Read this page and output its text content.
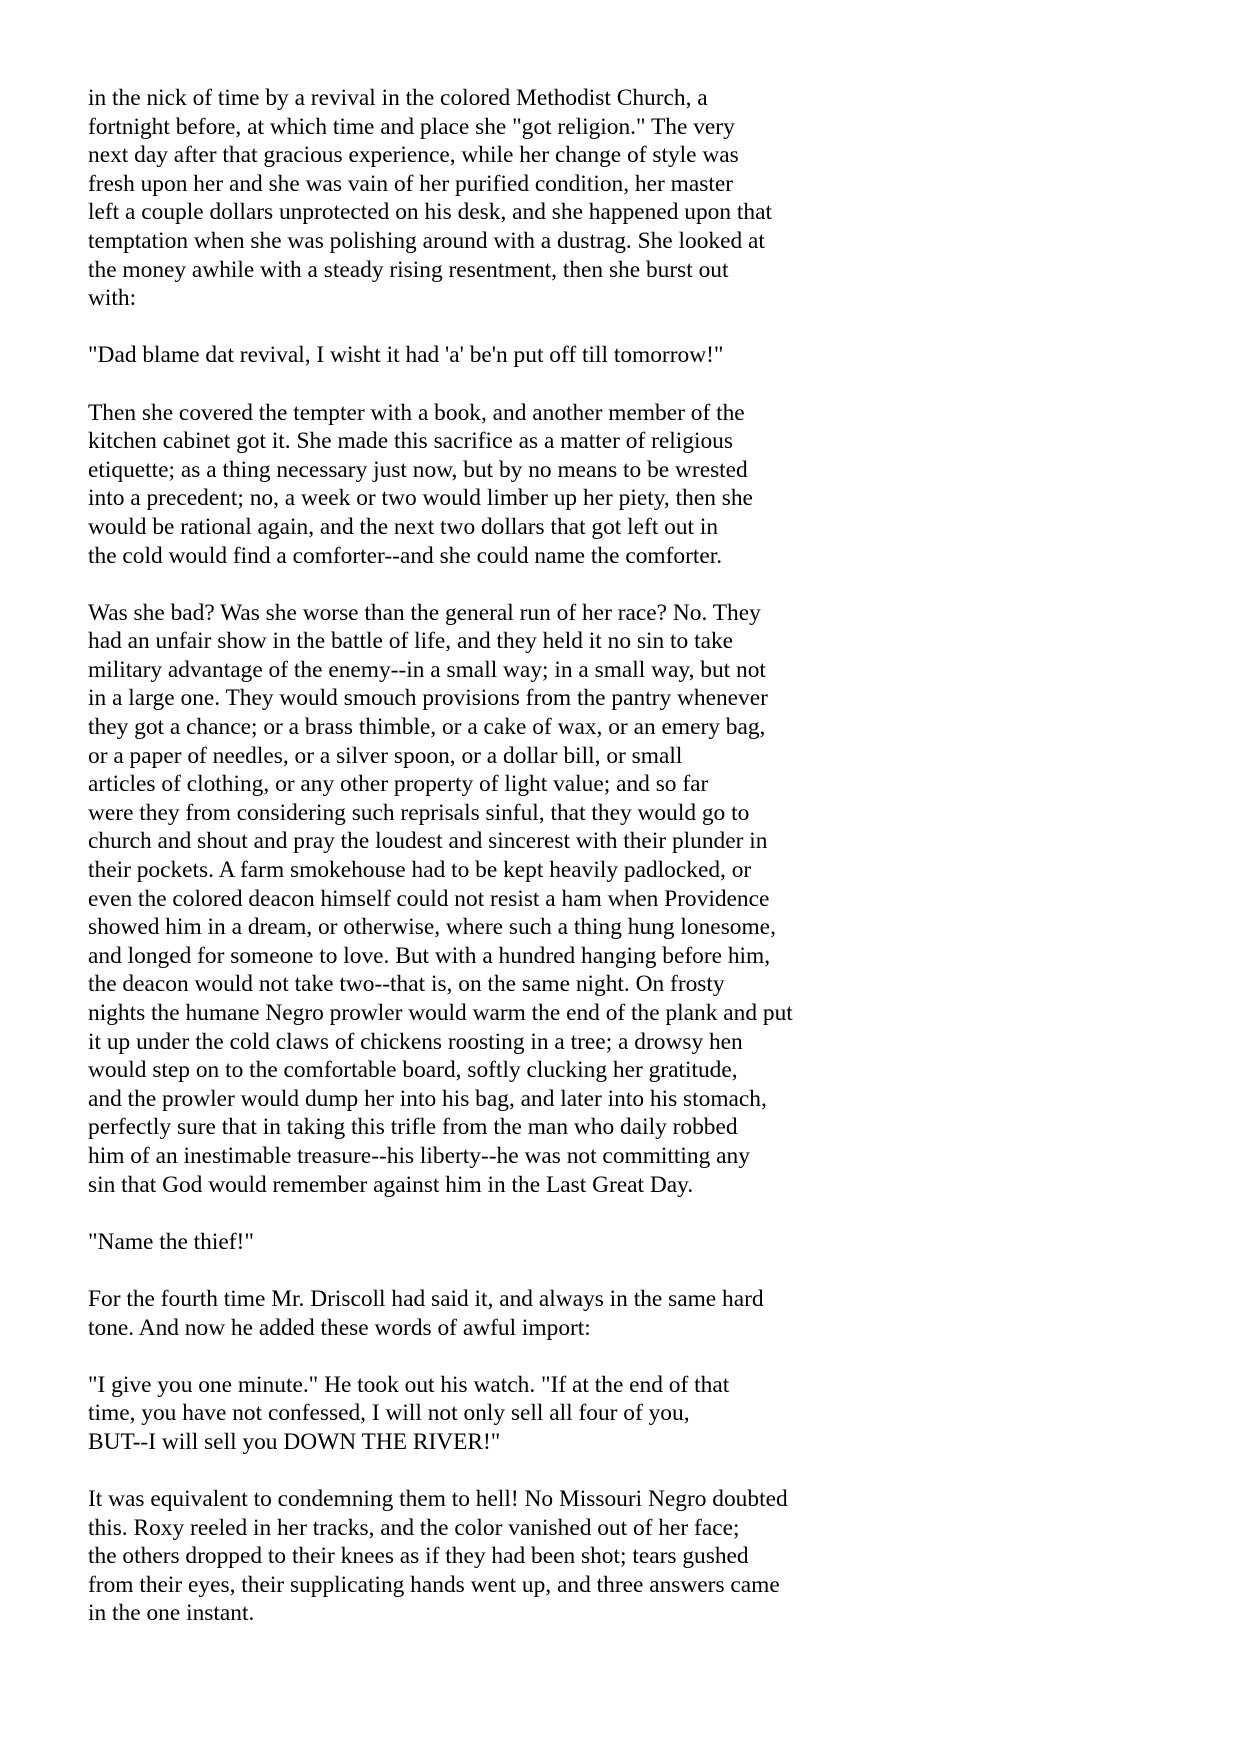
in the nick of time by a revival in the colored Methodist Church, a
fortnight before, at which time and place she "got religion." The very
next day after that gracious experience, while her change of style was
fresh upon her and she was vain of her purified condition, her master
left a couple dollars unprotected on his desk, and she happened upon that
temptation when she was polishing around with a dustrag. She looked at
the money awhile with a steady rising resentment, then she burst out
with:

"Dad blame dat revival, I wisht it had 'a' be'n put off till tomorrow!"

Then she covered the tempter with a book, and another member of the
kitchen cabinet got it. She made this sacrifice as a matter of religious
etiquette; as a thing necessary just now, but by no means to be wrested
into a precedent; no, a week or two would limber up her piety, then she
would be rational again, and the next two dollars that got left out in
the cold would find a comforter--and she could name the comforter.

Was she bad? Was she worse than the general run of her race? No. They
had an unfair show in the battle of life, and they held it no sin to take
military advantage of the enemy--in a small way; in a small way, but not
in a large one. They would smouch provisions from the pantry whenever
they got a chance; or a brass thimble, or a cake of wax, or an emery bag,
or a paper of needles, or a silver spoon, or a dollar bill, or small
articles of clothing, or any other property of light value; and so far
were they from considering such reprisals sinful, that they would go to
church and shout and pray the loudest and sincerest with their plunder in
their pockets. A farm smokehouse had to be kept heavily padlocked, or
even the colored deacon himself could not resist a ham when Providence
showed him in a dream, or otherwise, where such a thing hung lonesome,
and longed for someone to love. But with a hundred hanging before him,
the deacon would not take two--that is, on the same night. On frosty
nights the humane Negro prowler would warm the end of the plank and put
it up under the cold claws of chickens roosting in a tree; a drowsy hen
would step on to the comfortable board, softly clucking her gratitude,
and the prowler would dump her into his bag, and later into his stomach,
perfectly sure that in taking this trifle from the man who daily robbed
him of an inestimable treasure--his liberty--he was not committing any
sin that God would remember against him in the Last Great Day.

"Name the thief!"

For the fourth time Mr. Driscoll had said it, and always in the same hard
tone. And now he added these words of awful import:

"I give you one minute." He took out his watch. "If at the end of that
time, you have not confessed, I will not only sell all four of you,
BUT--I will sell you DOWN THE RIVER!"

It was equivalent to condemning them to hell! No Missouri Negro doubted
this. Roxy reeled in her tracks, and the color vanished out of her face;
the others dropped to their knees as if they had been shot; tears gushed
from their eyes, their supplicating hands went up, and three answers came
in the one instant.
